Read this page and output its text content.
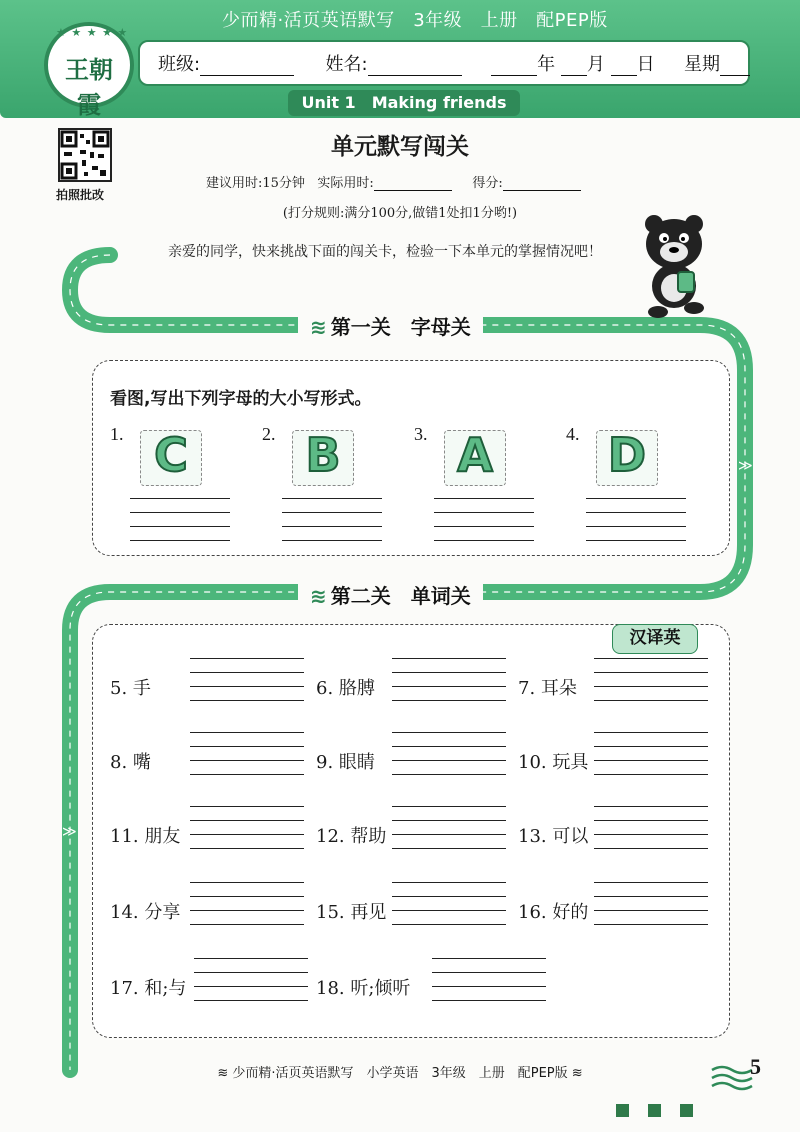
少而精·活页英语默写　3年级　上册　配PEP版
班级:	姓名:	年 月 日 星期
Unit 1　Making friends
★ ★ ★ ★ ★
王朝霞
拍照批改
单元默写闯关
建议用时:15分钟 实际用时:	得分:
(打分规则:满分100分,做错1处扣1分哟!)
亲爱的同学，快来挑战下面的闯关卡，检验一下本单元的掌握情况吧！
≫
≫
≋ 第一关　字母关
看图,写出下列字母的大小写形式。
1. C	2. B	3. A	4. D
≋ 第二关　单词关
汉译英
5. 手	6. 胳膊	7. 耳朵
8. 嘴	9. 眼睛	10. 玩具
11. 朋友	12. 帮助	13. 可以
14. 分享	15. 再见	16. 好的
17. 和;与	18. 听;倾听
≋ 少而精·活页英语默写　小学英语　3年级　上册　配PEP版 ≋	5
